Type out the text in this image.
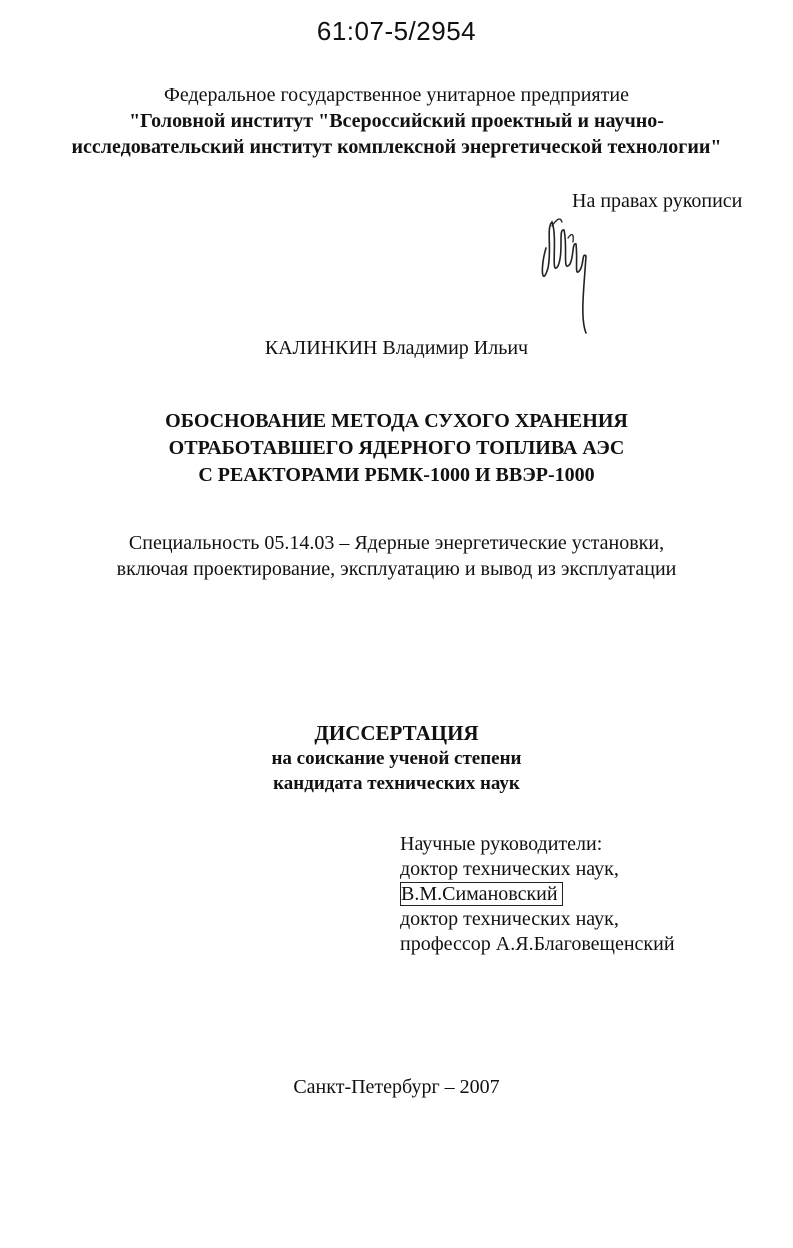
61:07-5/2954
Федеральное государственное унитарное предприятие
"Головной институт "Всероссийский проектный и научно-
исследовательский институт комплексной энергетической технологии"
На правах рукописи
КАЛИНКИН Владимир Ильич
ОБОСНОВАНИЕ МЕТОДА СУХОГО ХРАНЕНИЯ
ОТРАБОТАВШЕГО ЯДЕРНОГО ТОПЛИВА АЭС
С РЕАКТОРАМИ РБМК-1000 И ВВЭР-1000
Специальность 05.14.03 – Ядерные энергетические установки,
включая проектирование, эксплуатацию и вывод из эксплуатации
ДИССЕРТАЦИЯ
на соискание ученой степени
кандидата технических наук
Научные руководители:
доктор технических наук,
В.М.Симановский
доктор технических наук,
профессор А.Я.Благовещенский
Санкт-Петербург – 2007
